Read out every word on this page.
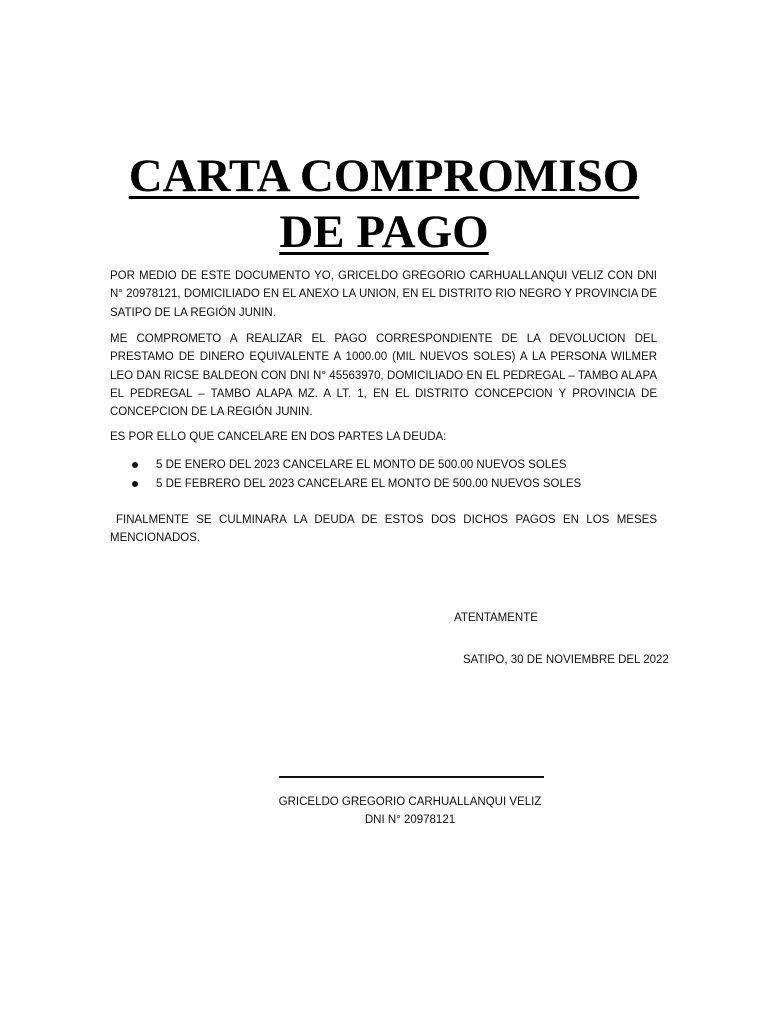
CARTA COMPROMISO
DE PAGO

POR MEDIO DE ESTE DOCUMENTO YO, GRICELDO GREGORIO CARHUALLANQUI VELIZ CON DNI N° 20978121, DOMICILIADO EN EL ANEXO LA UNION, EN EL DISTRITO RIO NEGRO Y PROVINCIA DE SATIPO DE LA REGIÓN JUNIN.

ME COMPROMETO A REALIZAR EL PAGO CORRESPONDIENTE DE LA DEVOLUCION DEL PRESTAMO DE DINERO EQUIVALENTE A 1000.00 (MIL NUEVOS SOLES) A LA PERSONA WILMER LEO DAN RICSE BALDEON CON DNI N° 45563970, DOMICILIADO EN EL PEDREGAL – TAMBO ALAPA EL PEDREGAL – TAMBO ALAPA MZ. A LT. 1, EN EL DISTRITO CONCEPCION Y PROVINCIA DE CONCEPCION DE LA REGIÓN JUNIN.

ES POR ELLO QUE CANCELARE EN DOS PARTES LA DEUDA:

5 DE ENERO DEL 2023 CANCELARE EL MONTO DE 500.00 NUEVOS SOLES
5 DE FEBRERO DEL 2023 CANCELARE EL MONTO DE 500.00 NUEVOS SOLES

FINALMENTE SE CULMINARA LA DEUDA DE ESTOS DOS DICHOS PAGOS EN LOS MESES MENCIONADOS.

ATENTAMENTE

SATIPO, 30 DE NOVIEMBRE DEL 2022

GRICELDO GREGORIO CARHUALLANQUI VELIZ

DNI N° 20978121
